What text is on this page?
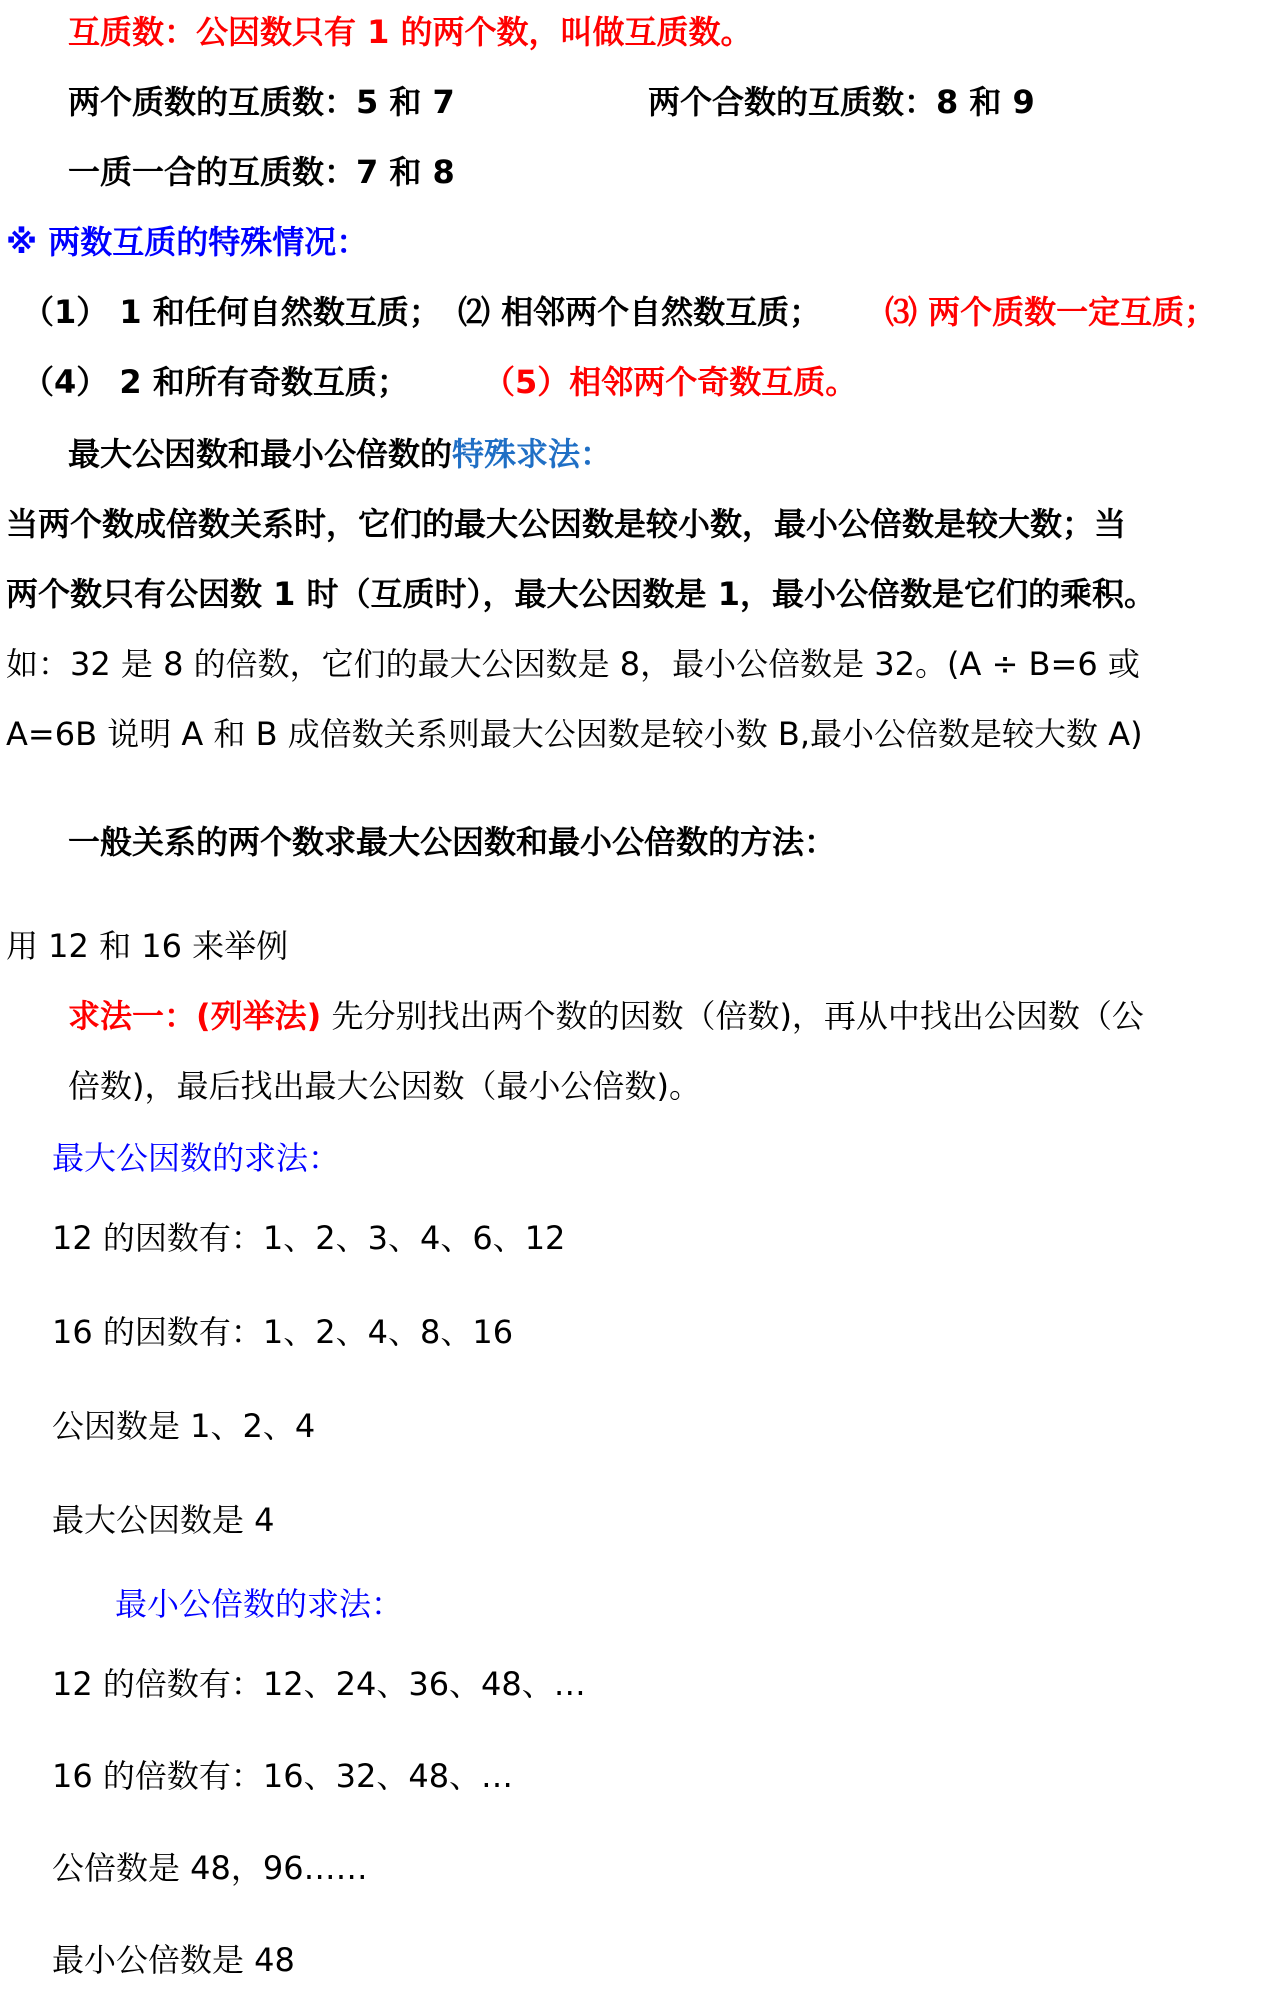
互质数：公因数只有 1 的两个数，叫做互质数。
两个质数的互质数：5 和 7	两个合数的互质数：8 和 9
一质一合的互质数：7 和 8
※ 两数互质的特殊情况：
（1） 1 和任何自然数互质； ⑵ 相邻两个自然数互质； ⑶ 两个质数一定互质；
（4） 2 和所有奇数互质； （5）相邻两个奇数互质。
最大公因数和最小公倍数的特殊求法：
当两个数成倍数关系时，它们的最大公因数是较小数，最小公倍数是较大数；当
两个数只有公因数 1 时（互质时），最大公因数是 1，最小公倍数是它们的乘积。
如：32 是 8 的倍数，它们的最大公因数是 8，最小公倍数是 32。(A ÷ B=6 或
A=6B 说明 A 和 B 成倍数关系则最大公因数是较小数 B,最小公倍数是较大数 A)
一般关系的两个数求最大公因数和最小公倍数的方法：
用 12 和 16 来举例
求法一：(列举法) 先分别找出两个数的因数（倍数)，再从中找出公因数（公
倍数)，最后找出最大公因数（最小公倍数)。
最大公因数的求法：
12 的因数有：1、2、3、4、6、12
16 的因数有：1、2、4、8、16
公因数是 1、2、4
最大公因数是 4
最小公倍数的求法：
12 的倍数有：12、24、36、48、…
16 的倍数有：16、32、48、…
公倍数是 48，96……
最小公倍数是 48
